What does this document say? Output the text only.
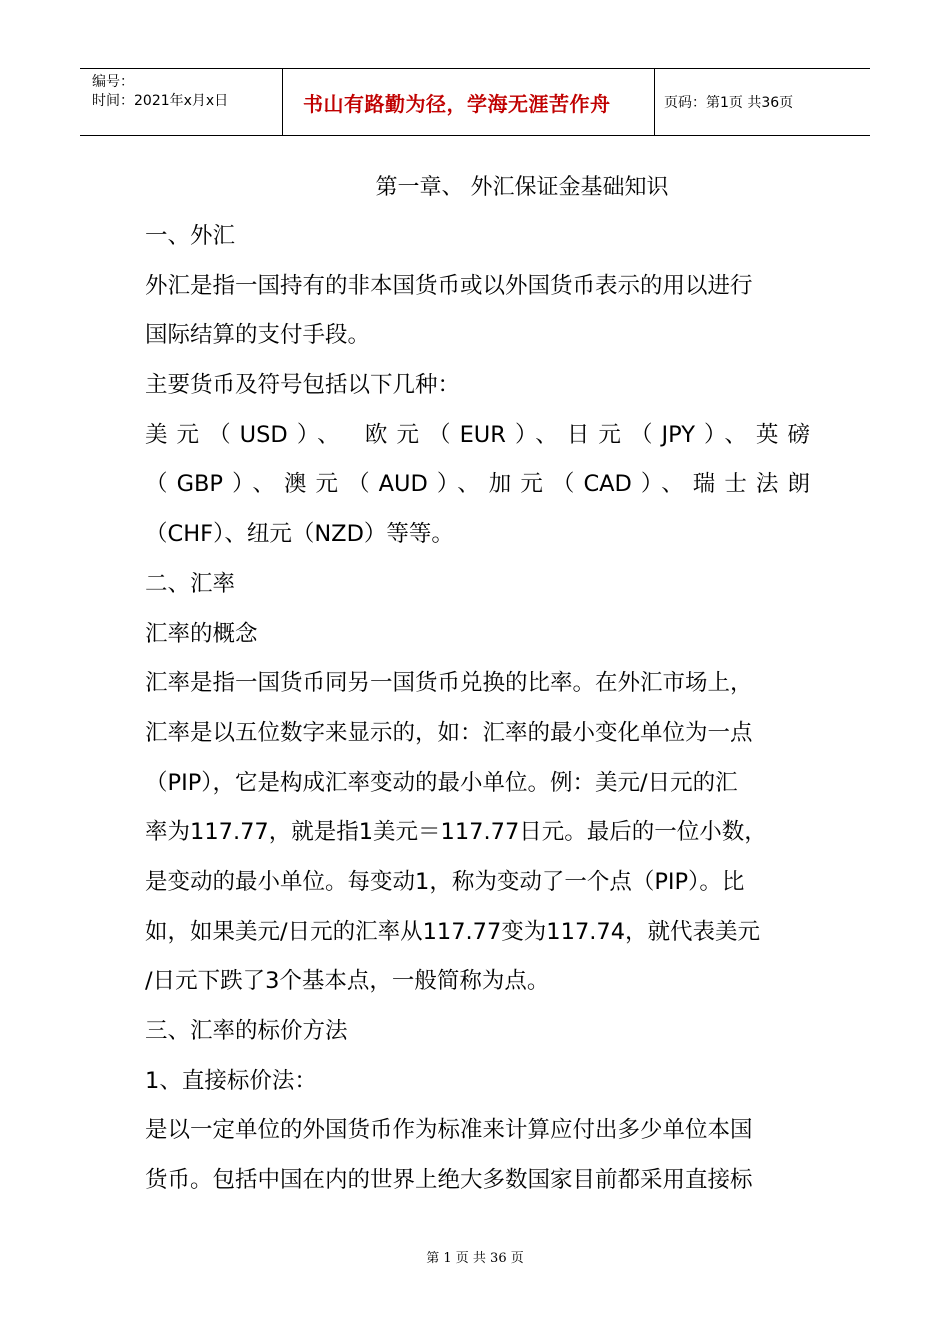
编号：
时间：2021年x月x日	书山有路勤为径，学海无涯苦作舟	页码：第1页 共36页
第一章、 外汇保证金基础知识
一、外汇
外汇是指一国持有的非本国货币或以外国货币表示的用以进行
国际结算的支付手段。
主要货币及符号包括以下几种：
美元（USD）、 欧元（EUR）、日元（JPY）、英磅
（GBP）、澳元（AUD）、加元（CAD）、瑞士法朗
（CHF）、纽元（NZD）等等。
二、汇率
汇率的概念
汇率是指一国货币同另一国货币兑换的比率。在外汇市场上，
汇率是以五位数字来显示的，如：汇率的最小变化单位为一点
（PIP），它是构成汇率变动的最小单位。例：美元/日元的汇
率为117.77，就是指1美元＝117.77日元。最后的一位小数，
是变动的最小单位。每变动1，称为变动了一个点（PIP）。比
如，如果美元/日元的汇率从117.77变为117.74，就代表美元
/日元下跌了3个基本点，一般简称为点。
三、汇率的标价方法
1、直接标价法：
是以一定单位的外国货币作为标准来计算应付出多少单位本国
货币。包括中国在内的世界上绝大多数国家目前都采用直接标
第 1 页 共 36 页
